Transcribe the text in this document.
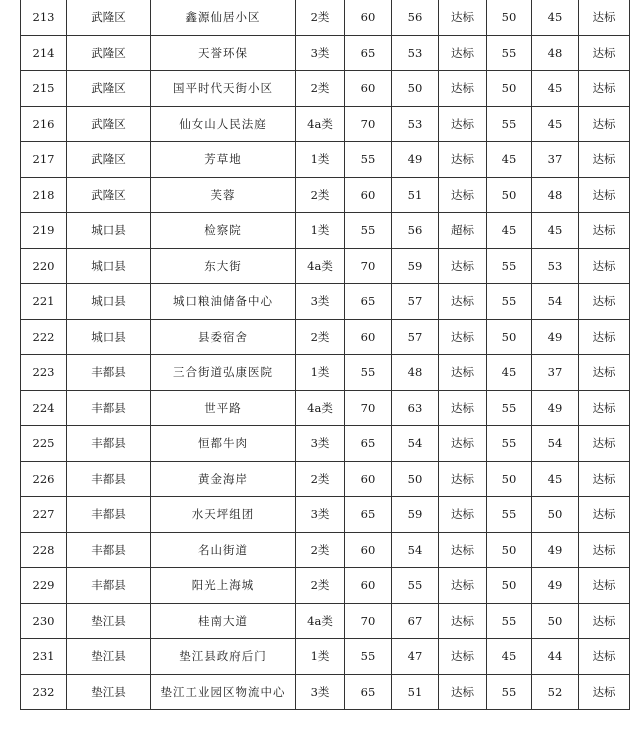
213	武隆区	鑫源仙居小区	2类	60	56	达标	50	45	达标
214	武隆区	天誉环保	3类	65	53	达标	55	48	达标
215	武隆区	国平时代天街小区	2类	60	50	达标	50	45	达标
216	武隆区	仙女山人民法庭	4a类	70	53	达标	55	45	达标
217	武隆区	芳草地	1类	55	49	达标	45	37	达标
218	武隆区	芙蓉	2类	60	51	达标	50	48	达标
219	城口县	检察院	1类	55	56	超标	45	45	达标
220	城口县	东大街	4a类	70	59	达标	55	53	达标
221	城口县	城口粮油储备中心	3类	65	57	达标	55	54	达标
222	城口县	县委宿舍	2类	60	57	达标	50	49	达标
223	丰都县	三合街道弘康医院	1类	55	48	达标	45	37	达标
224	丰都县	世平路	4a类	70	63	达标	55	49	达标
225	丰都县	恒都牛肉	3类	65	54	达标	55	54	达标
226	丰都县	黄金海岸	2类	60	50	达标	50	45	达标
227	丰都县	水天坪组团	3类	65	59	达标	55	50	达标
228	丰都县	名山街道	2类	60	54	达标	50	49	达标
229	丰都县	阳光上海城	2类	60	55	达标	50	49	达标
230	垫江县	桂南大道	4a类	70	67	达标	55	50	达标
231	垫江县	垫江县政府后门	1类	55	47	达标	45	44	达标
232	垫江县	垫江工业园区物流中心	3类	65	51	达标	55	52	达标
